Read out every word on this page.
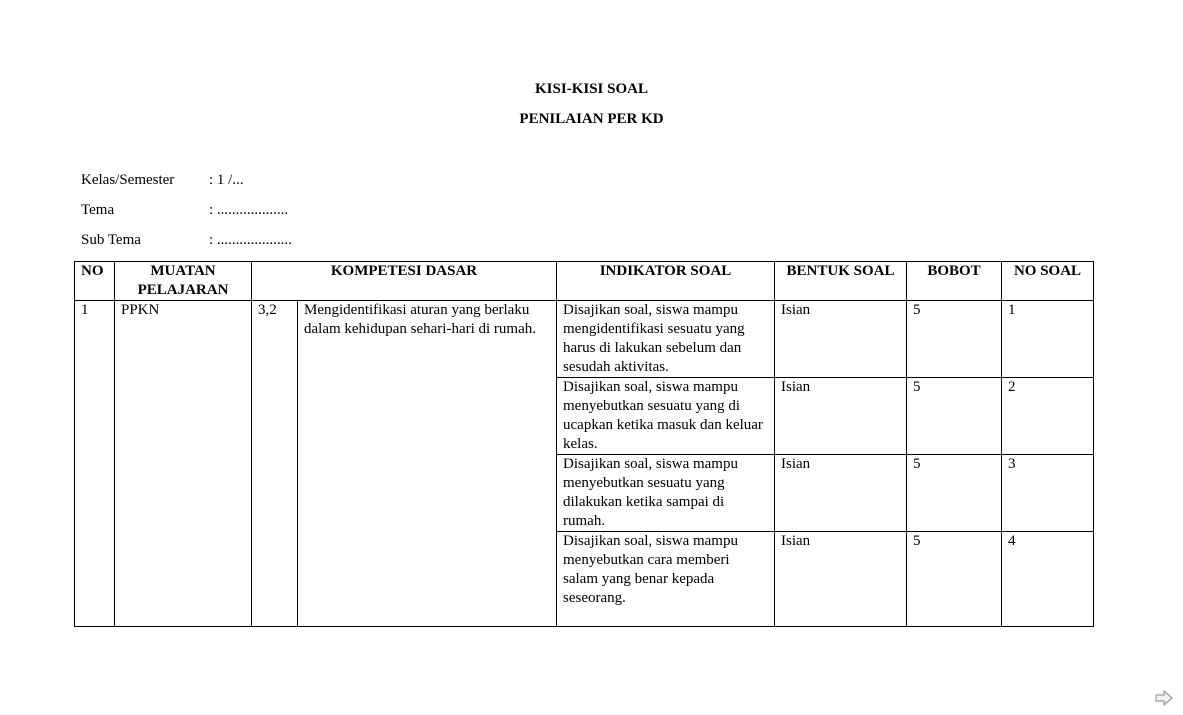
KISI-KISI SOAL
PENILAIAN PER KD
Kelas/Semester : 1 /...
Tema	: ...................
Sub Tema	: ....................
NO	MUATAN PELAJARAN	KOMPETESI DASAR		INDIKATOR SOAL	BENTUK SOAL	BOBOT	NO SOAL
1	PPKN	3,2	Mengidentifikasi aturan yang berlaku dalam kehidupan sehari-hari di rumah.	Disajikan soal, siswa mampu mengidentifikasi sesuatu yang harus di lakukan sebelum dan sesudah aktivitas.	Isian	5	1
				Disajikan soal, siswa mampu menyebutkan sesuatu yang di ucapkan ketika masuk dan keluar kelas.	Isian	5	2
				Disajikan soal, siswa mampu menyebutkan sesuatu yang dilakukan ketika sampai di rumah.	Isian	5	3
				Disajikan soal, siswa mampu menyebutkan cara memberi salam yang benar kepada seseorang.	Isian	5	4
